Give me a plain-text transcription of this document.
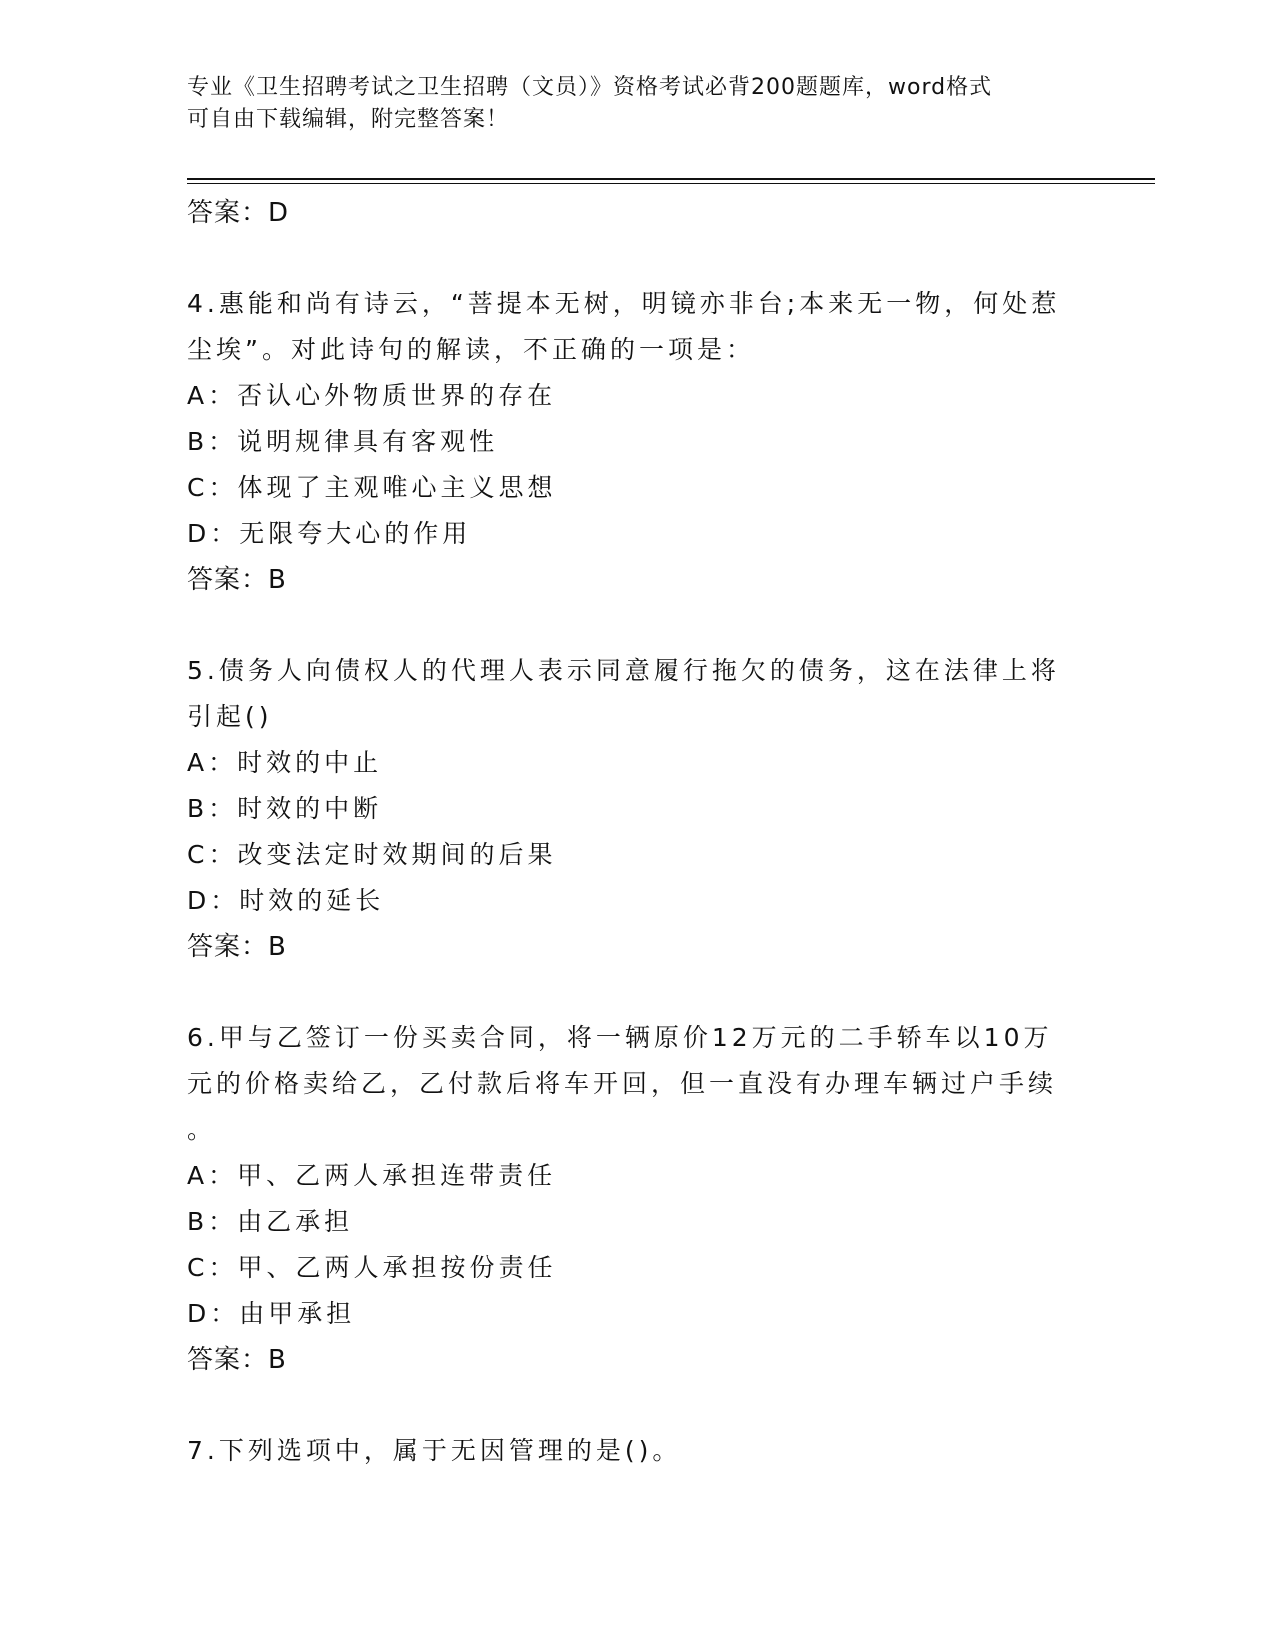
专业《卫生招聘考试之卫生招聘（文员）》资格考试必背200题题库，word格式
可自由下载编辑，附完整答案！
答案：D
4.惠能和尚有诗云，“菩提本无树，明镜亦非台;本来无一物，何处惹
尘埃”。对此诗句的解读，不正确的一项是：
A：否认心外物质世界的存在
B：说明规律具有客观性
C：体现了主观唯心主义思想
D：无限夸大心的作用
答案：B
5.债务人向债权人的代理人表示同意履行拖欠的债务，这在法律上将
引起()
A：时效的中止
B：时效的中断
C：改变法定时效期间的后果
D：时效的延长
答案：B
6.甲与乙签订一份买卖合同，将一辆原价12万元的二手轿车以10万
元的价格卖给乙，乙付款后将车开回，但一直没有办理车辆过户手续
。
A：甲、乙两人承担连带责任
B：由乙承担
C：甲、乙两人承担按份责任
D：由甲承担
答案：B
7.下列选项中，属于无因管理的是()。
